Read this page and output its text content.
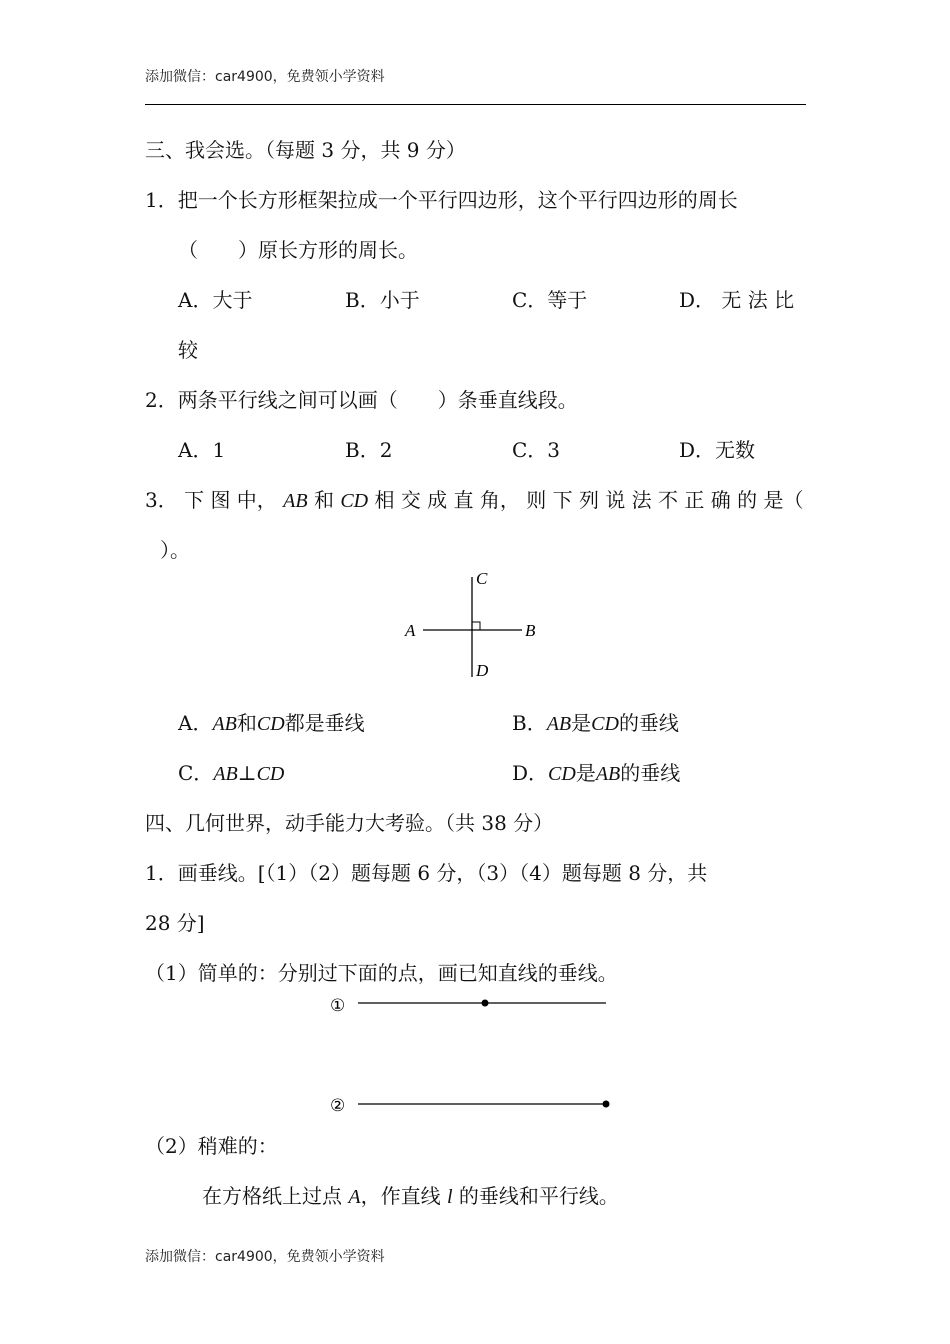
添加微信：car4900，免费领小学资料
三、我会选。（每题 3 分，共 9 分）
1．把一个长方形框架拉成一个平行四边形，这个平行四边形的周长
（　　）原长方形的周长。
A．大于	B．小于	C．等于	D． 无 法 比
较
2．两条平行线之间可以画（　　）条垂直线段。
A．1	B．2	C．3	D．无数
3． 下 图 中， AB 和 CD 相 交 成 直 角， 则 下 列 说 法 不 正 确 的 是（
）。
A	B
C
D
A．AB和CD都是垂线	B．AB是CD的垂线
C．AB⊥CD	D．CD是AB的垂线
四、几何世界，动手能力大考验。（共 38 分）
1．画垂线。[（1）（2）题每题 6 分，（3）（4）题每题 8 分，共
28 分]
（1）简单的：分别过下面的点，画已知直线的垂线。
①
②
（2）稍难的：
在方格纸上过点 A，作直线 l 的垂线和平行线。
添加微信：car4900，免费领小学资料
